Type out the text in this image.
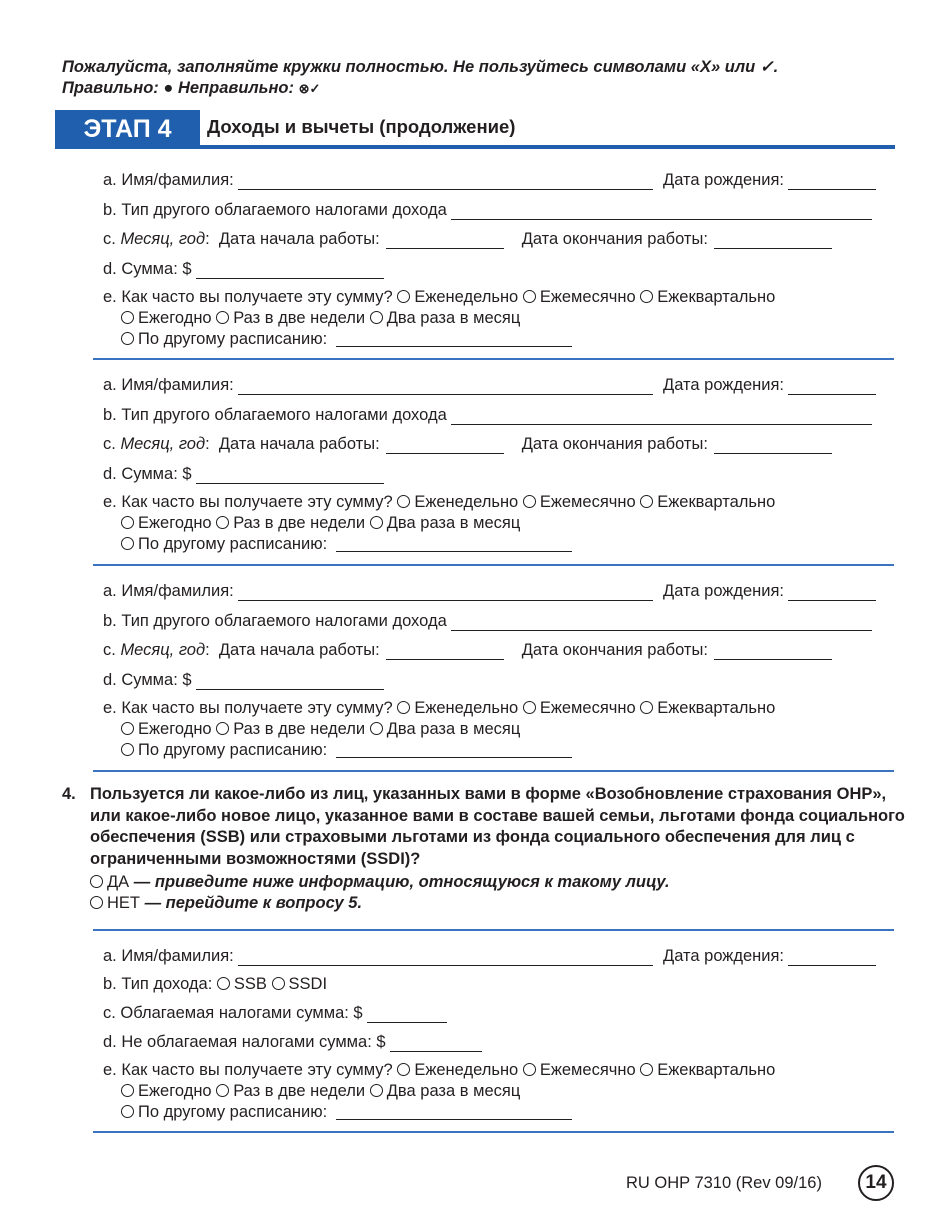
Пожалуйста, заполняйте кружки полностью. Не пользуйтесь символами «X» или ✓.
Правильно: ● Неправильно: ⊗✓
ЭТАП 4	Доходы и вычеты (продолжение)
a. Имя/фамилия:	Дата рождения:
b. Тип другого облагаемого налогами дохода
c.
Месяц, год : Дата начала работы:	Дата окончания работы:
d. Сумма: $
e. Как часто вы получаете эту сумму? Еженедельно Ежемесячно Ежеквартально
Ежегодно Раз в две недели Два раза в месяц
По другому расписанию:
a. Имя/фамилия:	Дата рождения:
b. Тип другого облагаемого налогами дохода
c.
Месяц, год : Дата начала работы:	Дата окончания работы:
d. Сумма: $
e. Как часто вы получаете эту сумму? Еженедельно Ежемесячно Ежеквартально
Ежегодно Раз в две недели Два раза в месяц
По другому расписанию:
a. Имя/фамилия:	Дата рождения:
b. Тип другого облагаемого налогами дохода
c.
Месяц, год : Дата начала работы:	Дата окончания работы:
d. Сумма: $
e. Как часто вы получаете эту сумму? Еженедельно Ежемесячно Ежеквартально
Ежегодно Раз в две недели Два раза в месяц
По другому расписанию:
4. Пользуется ли какое-либо из лиц, указанных вами в форме «Возобновление страхования OHP», или какое-либо новое лицо, указанное вами в составе вашей семьи, льготами фонда социального обеспечения (SSB) или страховыми льготами из фонда социального обеспечения для лиц с ограниченными возможностями (SSDI)?
ДА — приведите ниже информацию, относящуюся к такому лицу.
НЕТ — перейдите к вопросу 5.
a. Имя/фамилия:	Дата рождения:
b. Тип дохода: SSB SSDI
c. Облагаемая налогами сумма: $
d. Не облагаемая налогами сумма: $
e. Как часто вы получаете эту сумму? Еженедельно Ежемесячно Ежеквартально
Ежегодно Раз в две недели Два раза в месяц
По другому расписанию:
RU OHP 7310 (Rev 09/16)	14
